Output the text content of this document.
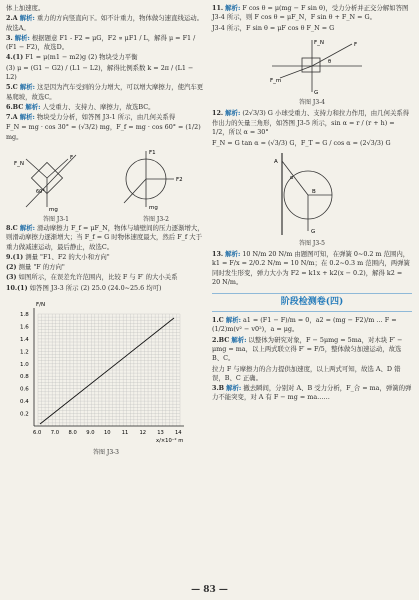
体上加速度。

2.A 解析: 重力的方向竖直向下。如不计重力，物体做匀速直线运动。故选A。

3. 解析: 根据题意 F1 - F2 = μG，F2 ∝ μF1 / L，解得 μ = F1 / (F1 − F2)，故选D。

4.(1) F1 = μ(m1 − m2)g (2) 物块受力平衡

(3) μ = (G1 − G2) / (L1 − L2)，解得比例系数 k = 2π / (L1 − L2)

5.C 解析: 这是因为汽车受到的分力增大，可以增大摩擦力，使汽车更易爬坡，故选C。

6.BC 解析: 人受重力、支持力、摩擦力，故选BC。

7.A 解析: 物块受力分析，如答图 J3-1 所示，由几何关系得

F_N = mg · cos 30° = (√3/2) mg，F_f = mg · cos 60° = (1/2) mg。

F_N
F
mg
60°
F1
F2
mg
答图 J3-1	答图 J3-2

8.C 解析: 滑动摩擦力 F_f = μF_N，物体与墙壁间的压力逐渐增大，则滑动摩擦力逐渐增大；当 F_f = G 时物体速度最大，然后 F_f 大于重力做减速运动，最后静止，故选C。

9.(1) 测量 "F1、F2 的大小和方向"

(2) 测量 "F 的方向"

(3) 如图所示，在误差允许范围内，比较 F 与 F′ 的大小关系

10.(1) 如答图 J3-3 所示 (2) 25.0 (24.0~25.6 均可)

1.8
1.6
1.4
1.2
1.0
0.8
0.6
0.4
0.2
6.0 7.0 8.0 9.0 10 11 12 13 14
F/N
x/×10⁻² m
答图 J3-3

11. 解析: F cos θ = μ(mg − F sin θ)，受力分析并正交分解如答图 J3-4 所示，则 F cos θ = μF_N，F sin θ + F_N = G。

J3-4 所示，F sin θ = μF cos θ F_N = G

F_N	F
F_m
G
θ
答图 J3-4

12. 解析: (2√3/3) G 小球受重力、支持力和拉力作用，由几何关系得

作出力的矢量三角形，如答图 J3-5 所示，sin α = r / (r + h) = 1/2，所以 α = 30°

F_N = G tan α = (√3/3) G，F_T = G / cos α = (2√3/3) G

A
B
α
G
答图 J3-5

13. 解析: 10 N/m 20 N/m 由题图可知，在弹簧 0~0.2 m 范围内，k1 = F/x = 2/0.2 N/m = 10 N/m；在 0.2~0.3 m 范围内，两弹簧同时发生形变，弹力大小为 F2 = k1x + k2(x − 0.2)，解得 k2 = 20 N/m。

阶段检测卷(四)

1.C 解析: a1 = (F1 − F)/m = 0，a2 = (mg − F2)/m … F = (1/2)m(v² − v0²)，a = μg。

2.BC 解析: 以整体为研究对象，F − 5μmg = 5ma，对木块 F′ − μmg = ma，以上两式联立得 F′ = F/5，整体做匀加速运动，故选 B、C。

拉力 F 与摩擦力的合力提供加速度，以上两式可知，故选 A、D 错误，B、C 正确。

3.B 解析: 撤去瞬间，分别对 A、B 受力分析，F_合 = ma，弹簧的弹力不能突变，对 A 有 F − mg = ma……

— 83 —
